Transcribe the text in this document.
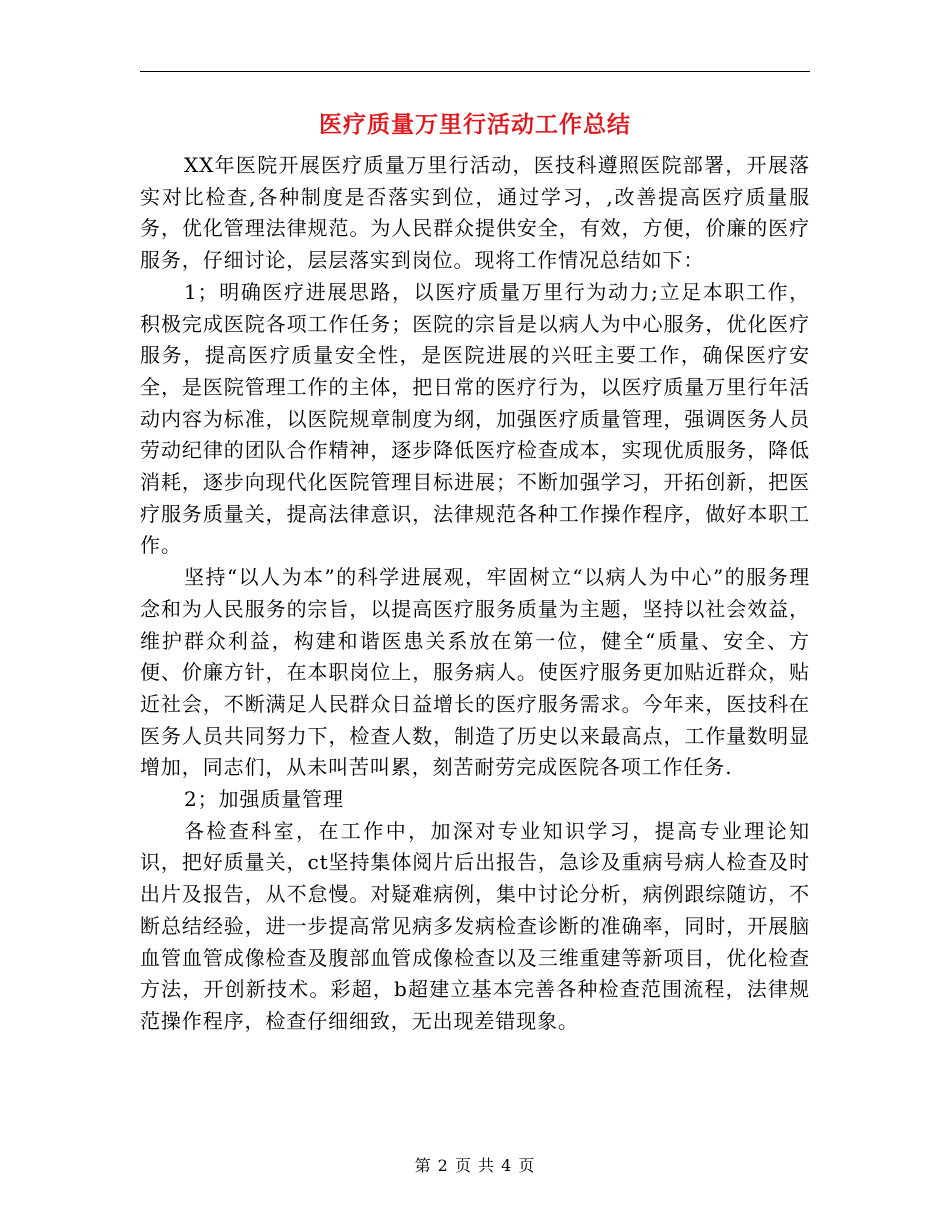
医疗质量万里行活动工作总结

XX年医院开展医疗质量万里行活动，医技科遵照医院部署，开展落实对比检查,各种制度是否落实到位，通过学习，,改善提高医疗质量服务，优化管理法律规范。为人民群众提供安全，有效，方便，价廉的医疗服务，仔细讨论，层层落实到岗位。现将工作情况总结如下：

1；明确医疗进展思路，以医疗质量万里行为动力;立足本职工作，积极完成医院各项工作任务；医院的宗旨是以病人为中心服务，优化医疗服务，提高医疗质量安全性，是医院进展的兴旺主要工作，确保医疗安全，是医院管理工作的主体，把日常的医疗行为，以医疗质量万里行年活动内容为标准，以医院规章制度为纲，加强医疗质量管理，强调医务人员劳动纪律的团队合作精神，逐步降低医疗检查成本，实现优质服务，降低消耗，逐步向现代化医院管理目标进展；不断加强学习，开拓创新，把医疗服务质量关，提高法律意识，法律规范各种工作操作程序，做好本职工作。

坚持“以人为本”的科学进展观，牢固树立“以病人为中心”的服务理念和为人民服务的宗旨，以提高医疗服务质量为主题，坚持以社会效益，维护群众利益，构建和谐医患关系放在第一位，健全“质量、安全、方便、价廉方针，在本职岗位上，服务病人。使医疗服务更加贴近群众，贴近社会，不断满足人民群众日益增长的医疗服务需求。今年来，医技科在医务人员共同努力下，检查人数，制造了历史以来最高点，工作量数明显增加，同志们，从未叫苦叫累，刻苦耐劳完成医院各项工作任务.

2；加强质量管理

各检查科室，在工作中，加深对专业知识学习，提高专业理论知识，把好质量关，ct坚持集体阅片后出报告，急诊及重病号病人检查及时出片及报告，从不怠慢。对疑难病例，集中讨论分析，病例跟综随访，不断总结经验，进一步提高常见病多发病检查诊断的准确率，同时，开展脑血管血管成像检查及腹部血管成像检查以及三维重建等新项目，优化检查方法，开创新技术。彩超，b超建立基本完善各种检查范围流程，法律规范操作程序，检查仔细细致，无出现差错现象。

第 2 页 共 4 页
